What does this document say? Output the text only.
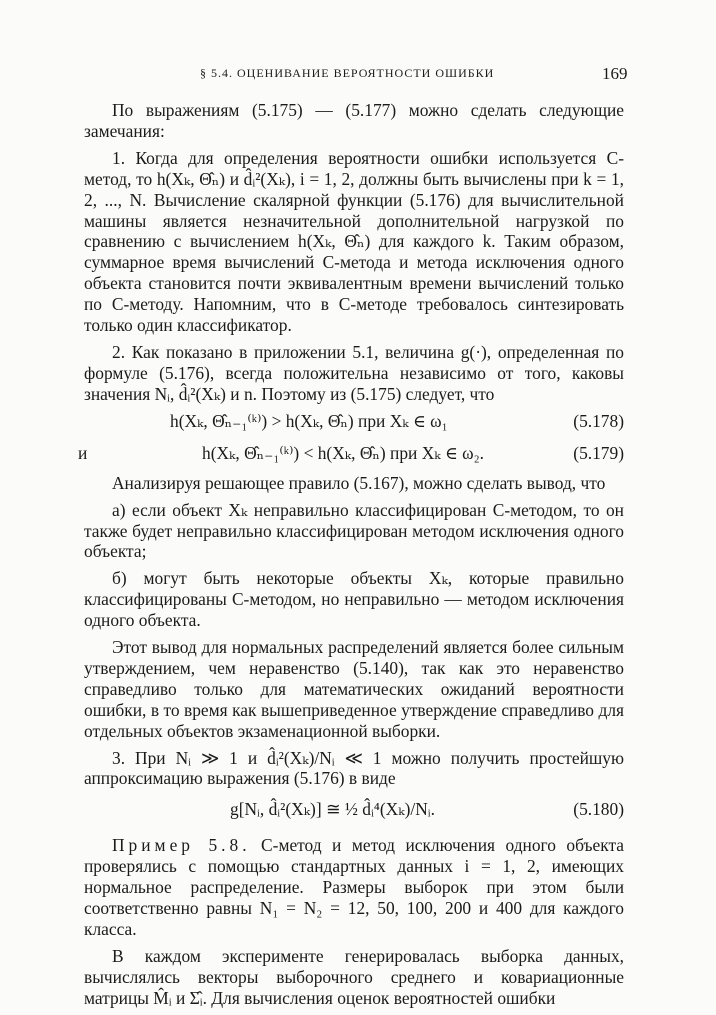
§ 5.4. ОЦЕНИВАНИЕ ВЕРОЯТНОСТИ ОШИБКИ	169

По выражениям (5.175) — (5.177) можно сделать следующие замечания:

1. Когда для определения вероятности ошибки используется C-метод, то h(Xₖ, Θ̂ₙ) и d̂ᵢ²(Xₖ), i = 1, 2, должны быть вычислены при k = 1, 2, ..., N. Вычисление скалярной функции (5.176) для вычислительной машины является незначительной дополнительной нагрузкой по сравнению с вычислением h(Xₖ, Θ̂ₙ) для каждого k. Таким образом, суммарное время вычислений C-метода и метода исключения одного объекта становится почти эквивалентным времени вычислений только по C-методу. Напомним, что в C-методе требовалось синтезировать только один классификатор.

2. Как показано в приложении 5.1, величина g(·), определенная по формуле (5.176), всегда положительна независимо от того, каковы значения Nᵢ, d̂ᵢ²(Xₖ) и n. Поэтому из (5.175) следует, что

h(Xₖ, Θ̂ₙ₋₁⁽ᵏ⁾) > h(Xₖ, Θ̂ₙ) при Xₖ ∈ ω₁	(5.178)
и	h(Xₖ, Θ̂ₙ₋₁⁽ᵏ⁾) < h(Xₖ, Θ̂ₙ) при Xₖ ∈ ω₂.	(5.179)

Анализируя решающее правило (5.167), можно сделать вывод, что

а) если объект Xₖ неправильно классифицирован C-методом, то он также будет неправильно классифицирован методом исключения одного объекта;

б) могут быть некоторые объекты Xₖ, которые правильно классифицированы C-методом, но неправильно — методом исключения одного объекта.

Этот вывод для нормальных распределений является более сильным утверждением, чем неравенство (5.140), так как это неравенство справедливо только для математических ожиданий вероятности ошибки, в то время как вышеприведенное утверждение справедливо для отдельных объектов экзаменационной выборки.

3. При Nᵢ ≫ 1 и d̂ᵢ²(Xₖ)/Nᵢ ≪ 1 можно получить простейшую аппроксимацию выражения (5.176) в виде

g[Nᵢ, d̂ᵢ²(Xₖ)] ≅ ½ d̂ᵢ⁴(Xₖ)/Nᵢ.	(5.180)

Пример 5.8. C-метод и метод исключения одного объекта проверялись с помощью стандартных данных i = 1, 2, имеющих нормальное распределение. Размеры выборок при этом были соответственно равны N₁ = N₂ = 12, 50, 100, 200 и 400 для каждого класса.

В каждом эксперименте генерировалась выборка данных, вычислялись векторы выборочного среднего и ковариационные матрицы M̂ᵢ и Σ̂ᵢ. Для вычисления оценок вероятностей ошибки
